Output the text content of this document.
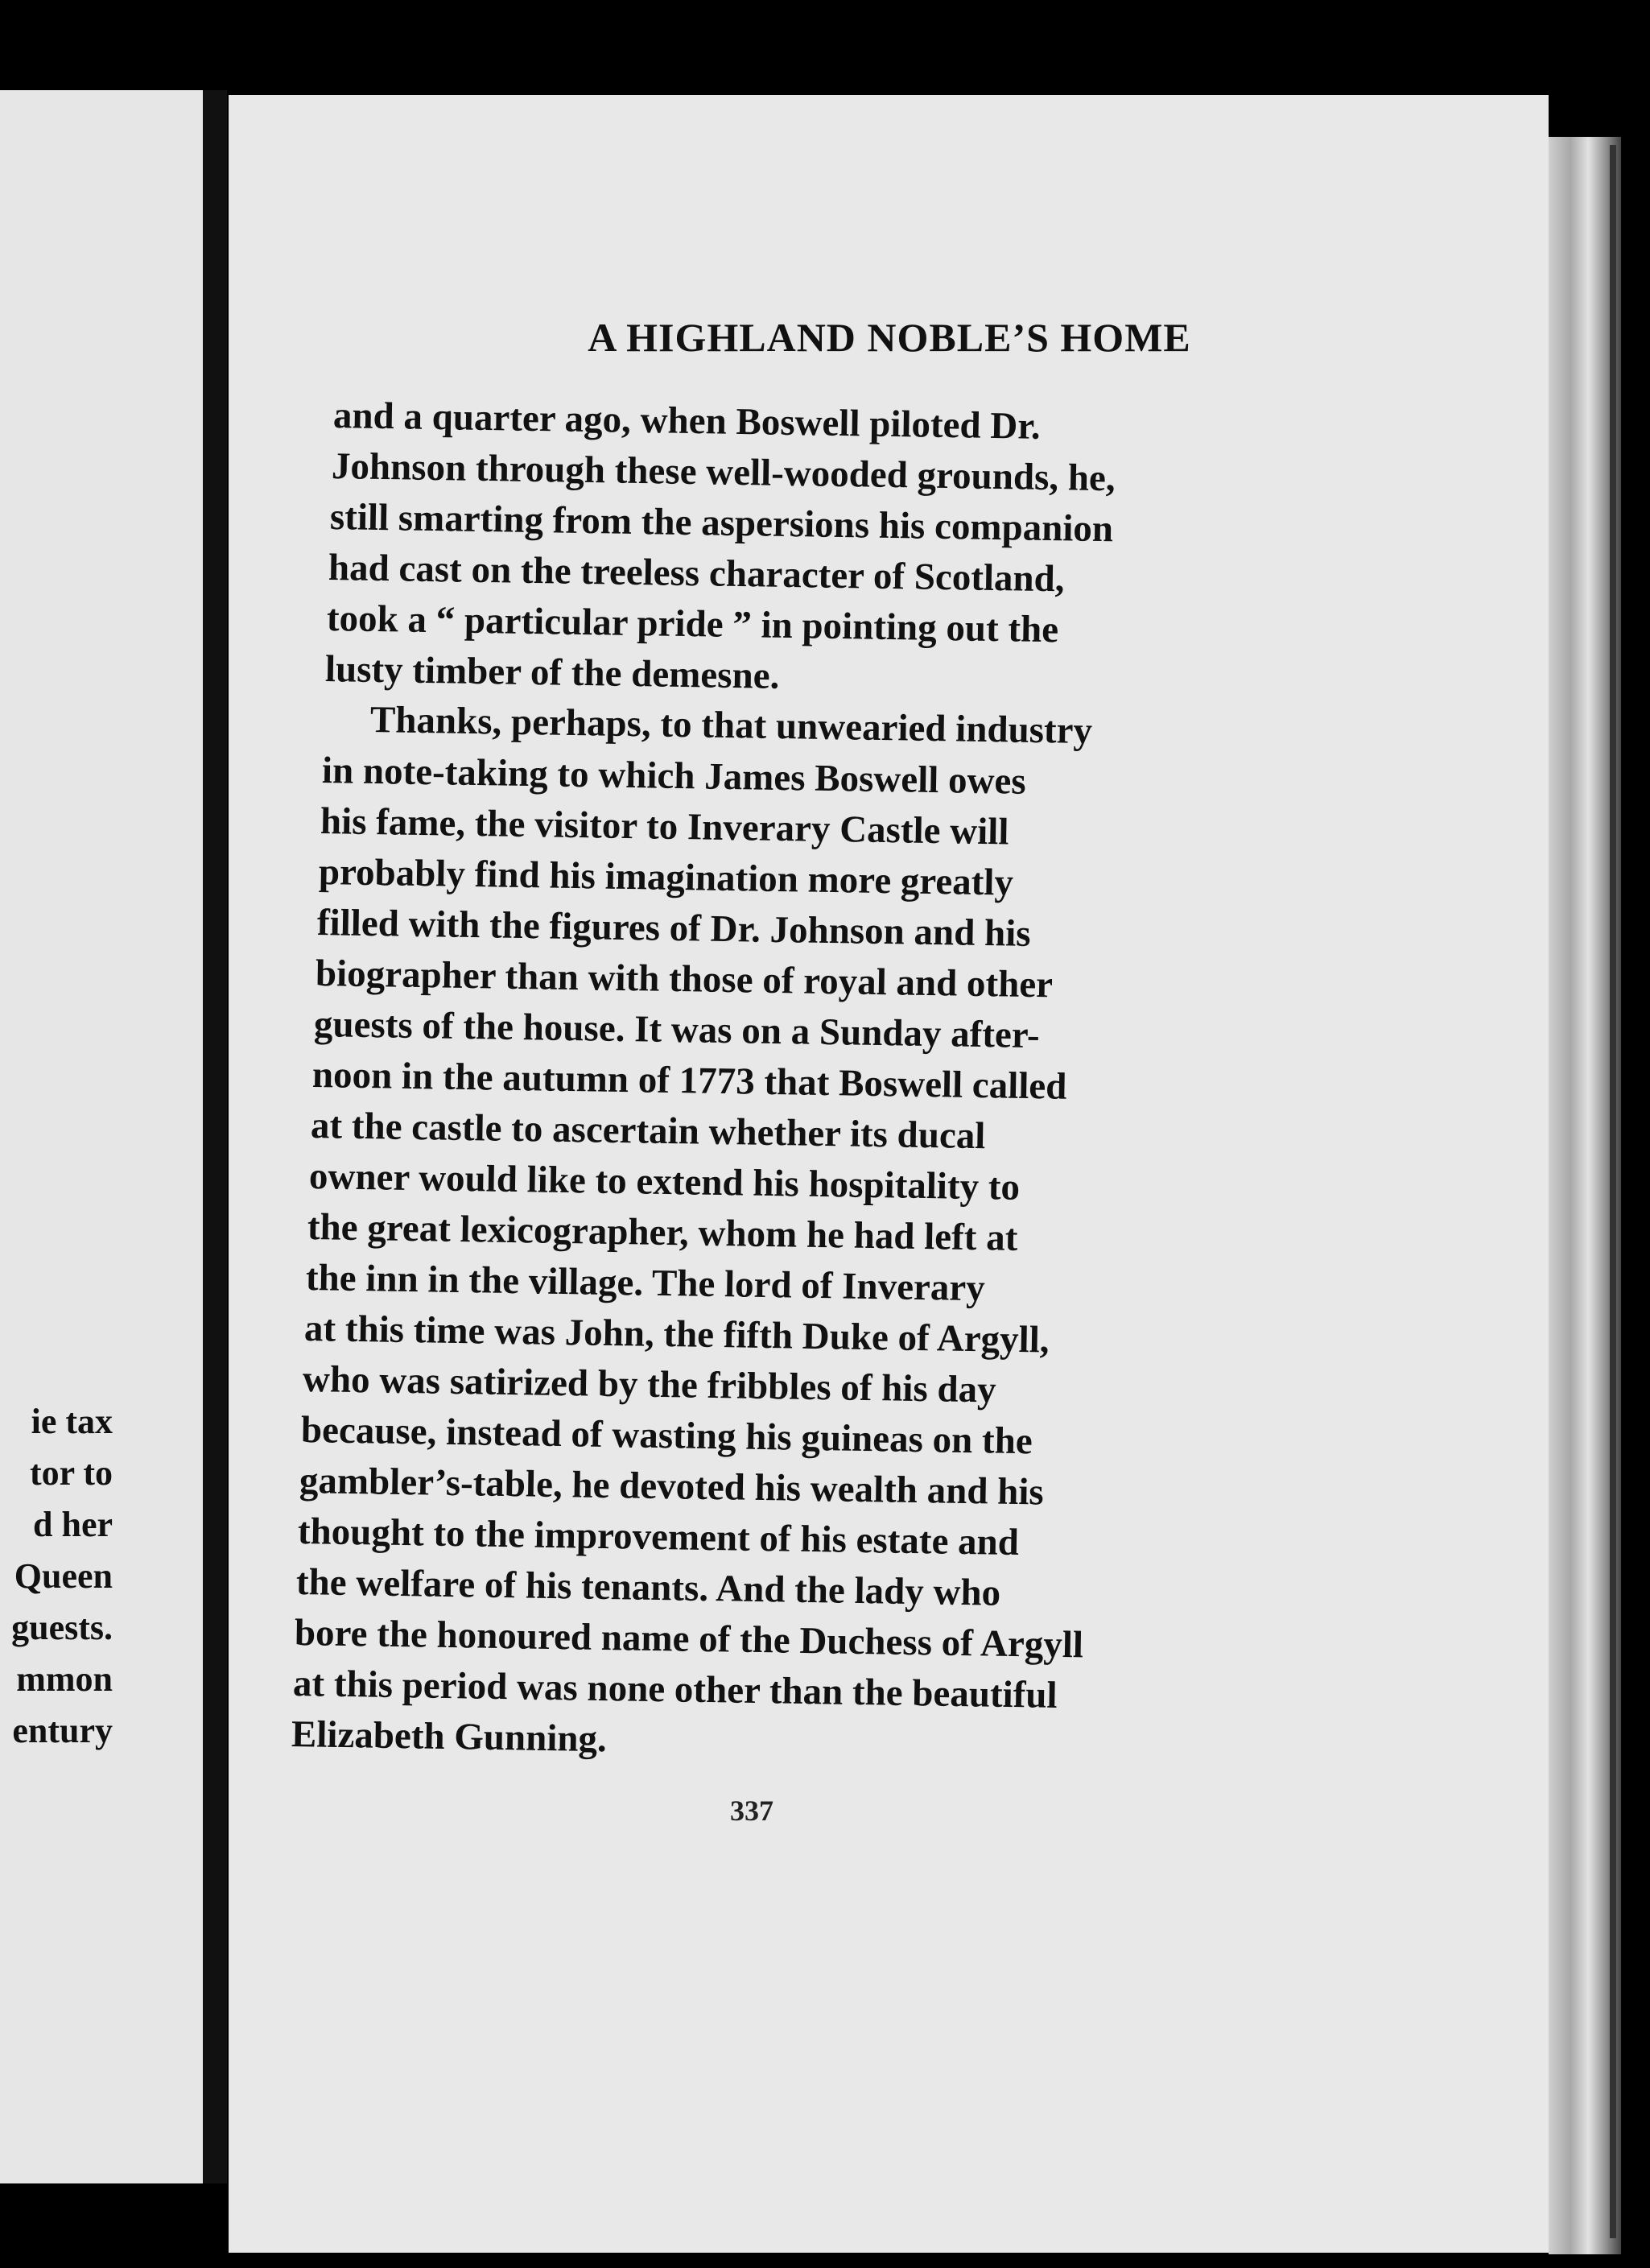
ie tax
tor to
d her
Queen
guests.
mmon
entury
A HIGHLAND NOBLE’S HOME
and a quarter ago, when Boswell piloted Dr.
Johnson through these well-wooded grounds, he,
still smarting from the aspersions his companion
had cast on the treeless character of Scotland,
took a “ particular pride ” in pointing out the
lusty timber of the demesne.
Thanks, perhaps, to that unwearied industry
in note-taking to which James Boswell owes
his fame, the visitor to Inverary Castle will
probably find his imagination more greatly
filled with the figures of Dr. Johnson and his
biographer than with those of royal and other
guests of the house. It was on a Sunday after-
noon in the autumn of 1773 that Boswell called
at the castle to ascertain whether its ducal
owner would like to extend his hospitality to
the great lexicographer, whom he had left at
the inn in the village. The lord of Inverary
at this time was John, the fifth Duke of Argyll,
who was satirized by the fribbles of his day
because, instead of wasting his guineas on the
gambler’s-table, he devoted his wealth and his
thought to the improvement of his estate and
the welfare of his tenants. And the lady who
bore the honoured name of the Duchess of Argyll
at this period was none other than the beautiful
Elizabeth Gunning.
337
